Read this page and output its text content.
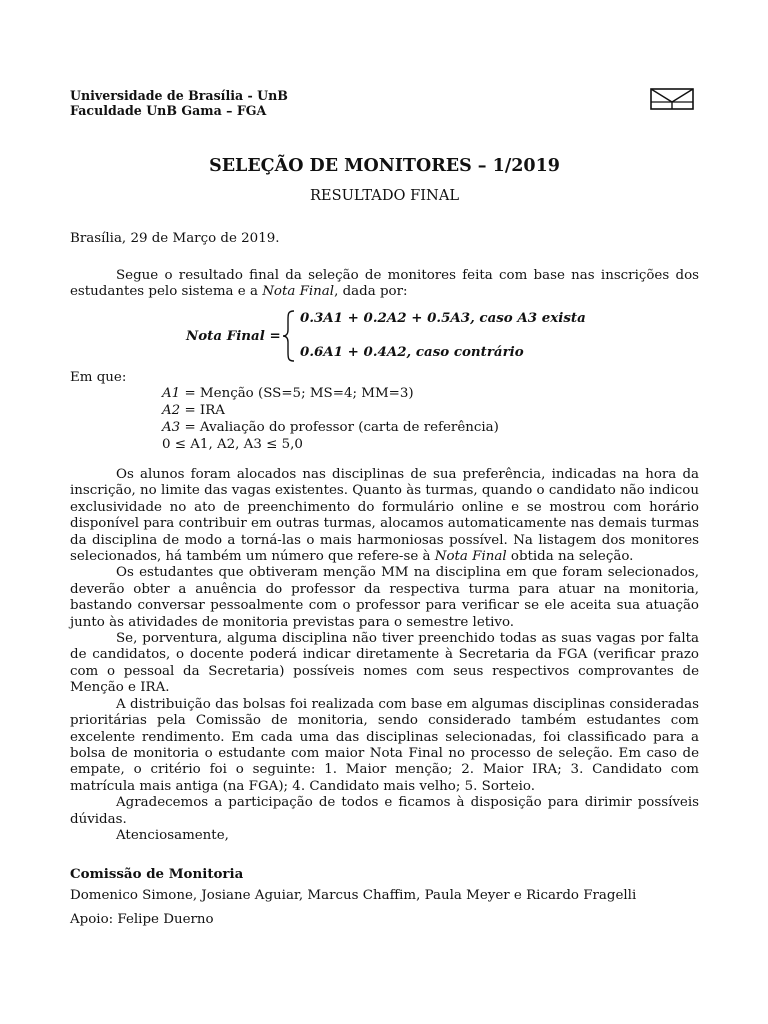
Universidade de Brasília - UnB
Faculdade UnB Gama – FGA
SELEÇÃO DE MONITORES – 1/2019
RESULTADO FINAL
Brasília, 29 de Março de 2019.

Segue o resultado final da seleção de monitores feita com base nas inscrições dos estudantes pelo sistema e a Nota Final, dada por:

Nota Final =
0.3A1 + 0.2A2 + 0.5A3, caso A3 exista
0.6A1 + 0.4A2, caso contrário
Em que:
A1 = Menção (SS=5; MS=4; MM=3)
A2 = IRA
A3 = Avaliação do professor (carta de referência)
0 ≤ A1, A2, A3 ≤ 5,0

Os alunos foram alocados nas disciplinas de sua preferência, indicadas na hora da inscrição, no limite das vagas existentes. Quanto às turmas, quando o candidato não indicou exclusividade no ato de preenchimento do formulário online e se mostrou com horário disponível para contribuir em outras turmas, alocamos automaticamente nas demais turmas da disciplina de modo a torná-las o mais harmoniosas possível. Na listagem dos monitores selecionados, há também um número que refere-se à Nota Final obtida na seleção.

Os estudantes que obtiveram menção MM na disciplina em que foram selecionados, deverão obter a anuência do professor da respectiva turma para atuar na monitoria, bastando conversar pessoalmente com o professor para verificar se ele aceita sua atuação junto às atividades de monitoria previstas para o semestre letivo.

Se, porventura, alguma disciplina não tiver preenchido todas as suas vagas por falta de candidatos, o docente poderá indicar diretamente à Secretaria da FGA (verificar prazo com o pessoal da Secretaria) possíveis nomes com seus respectivos comprovantes de Menção e IRA.

A distribuição das bolsas foi realizada com base em algumas disciplinas consideradas prioritárias pela Comissão de monitoria, sendo considerado também estudantes com excelente rendimento. Em cada uma das disciplinas selecionadas, foi classificado para a bolsa de monitoria o estudante com maior Nota Final no processo de seleção. Em caso de empate, o critério foi o seguinte: 1. Maior menção; 2. Maior IRA; 3. Candidato com matrícula mais antiga (na FGA); 4. Candidato mais velho; 5. Sorteio.

Agradecemos a participação de todos e ficamos à disposição para dirimir possíveis dúvidas.

Atenciosamente,

Comissão de Monitoria
Domenico Simone, Josiane Aguiar, Marcus Chaffim, Paula Meyer e Ricardo Fragelli
Apoio: Felipe Duerno
